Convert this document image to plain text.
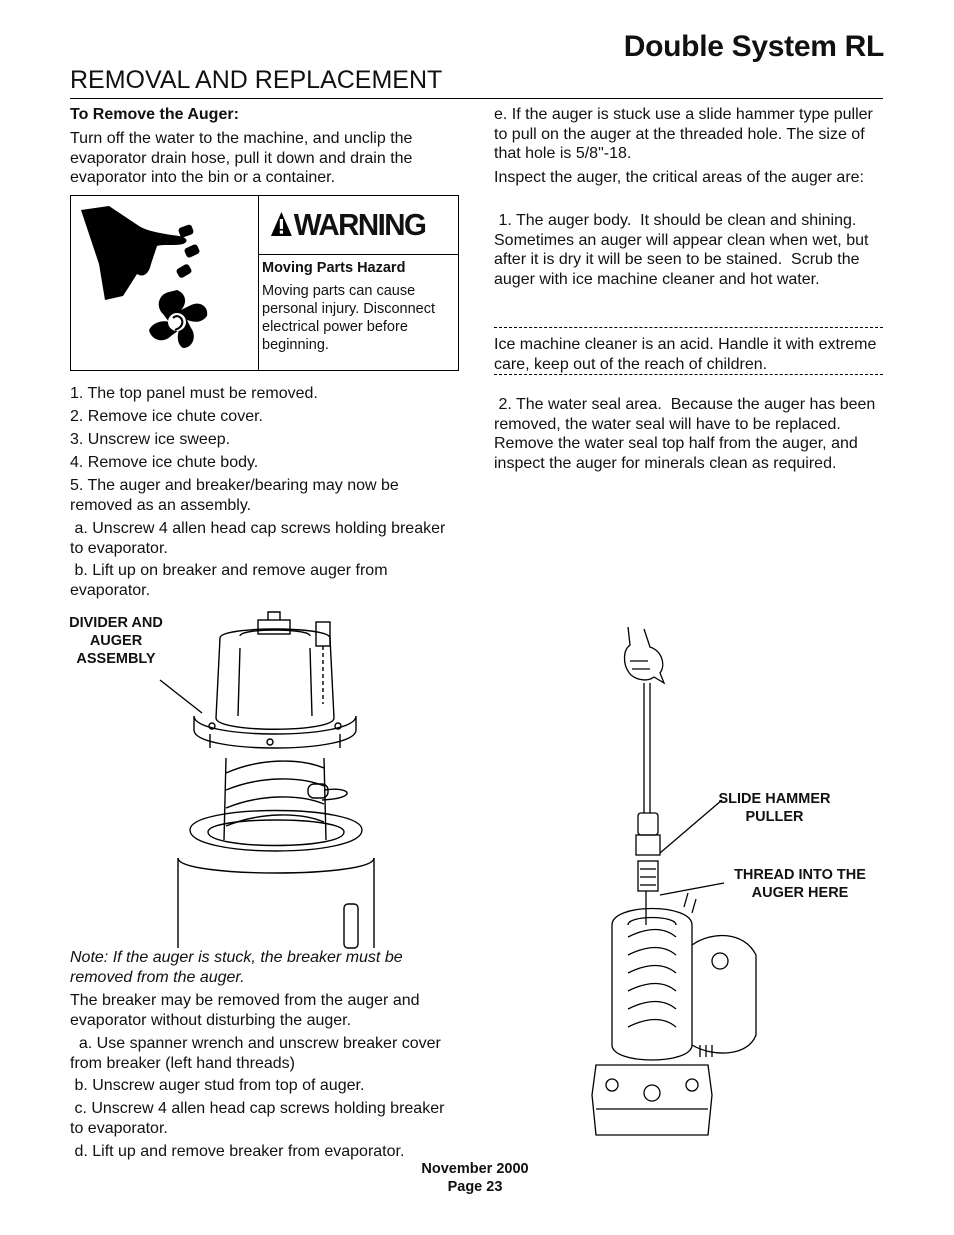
Double System RL
REMOVAL AND REPLACEMENT
To Remove the Auger:
Turn off the water to the machine, and unclip the evaporator drain hose, pull it down and drain the evaporator into the bin or a container.
WARNING
Moving Parts Hazard
Moving parts can cause personal injury. Disconnect electrical power before beginning.
1. The top panel must be removed.
2. Remove ice chute cover.
3. Unscrew ice sweep.
4. Remove ice chute body.
5. The auger and breaker/bearing may now be removed as an assembly.
a. Unscrew 4 allen head cap screws holding breaker to evaporator.
b. Lift up on breaker and remove auger from evaporator.
DIVIDER AND AUGER ASSEMBLY
Note: If the auger is stuck, the breaker must be removed from the auger.
The breaker may be removed from the auger and evaporator without disturbing the auger.
a. Use spanner wrench and unscrew breaker cover from breaker (left hand threads)
b. Unscrew auger stud from top of auger.
c. Unscrew 4 allen head cap screws holding breaker to evaporator.
d. Lift up and remove breaker from evaporator.
e. If the auger is stuck use a slide hammer type puller to pull on the auger at the threaded hole. The size of that hole is 5/8"-18.
Inspect the auger, the critical areas of the auger are:
1. The auger body.  It should be clean and shining. Sometimes an auger will appear clean when wet, but after it is dry it will be seen to be stained.  Scrub the auger with ice machine cleaner and hot water.
Ice machine cleaner is an acid. Handle it with extreme care, keep out of the reach of children.
2. The water seal area.  Because the auger has been removed, the water seal will have to be replaced.  Remove the water seal top half from the auger, and inspect the auger for minerals clean as required.
SLIDE HAMMER PULLER
THREAD INTO THE AUGER HERE
November 2000
Page 23
